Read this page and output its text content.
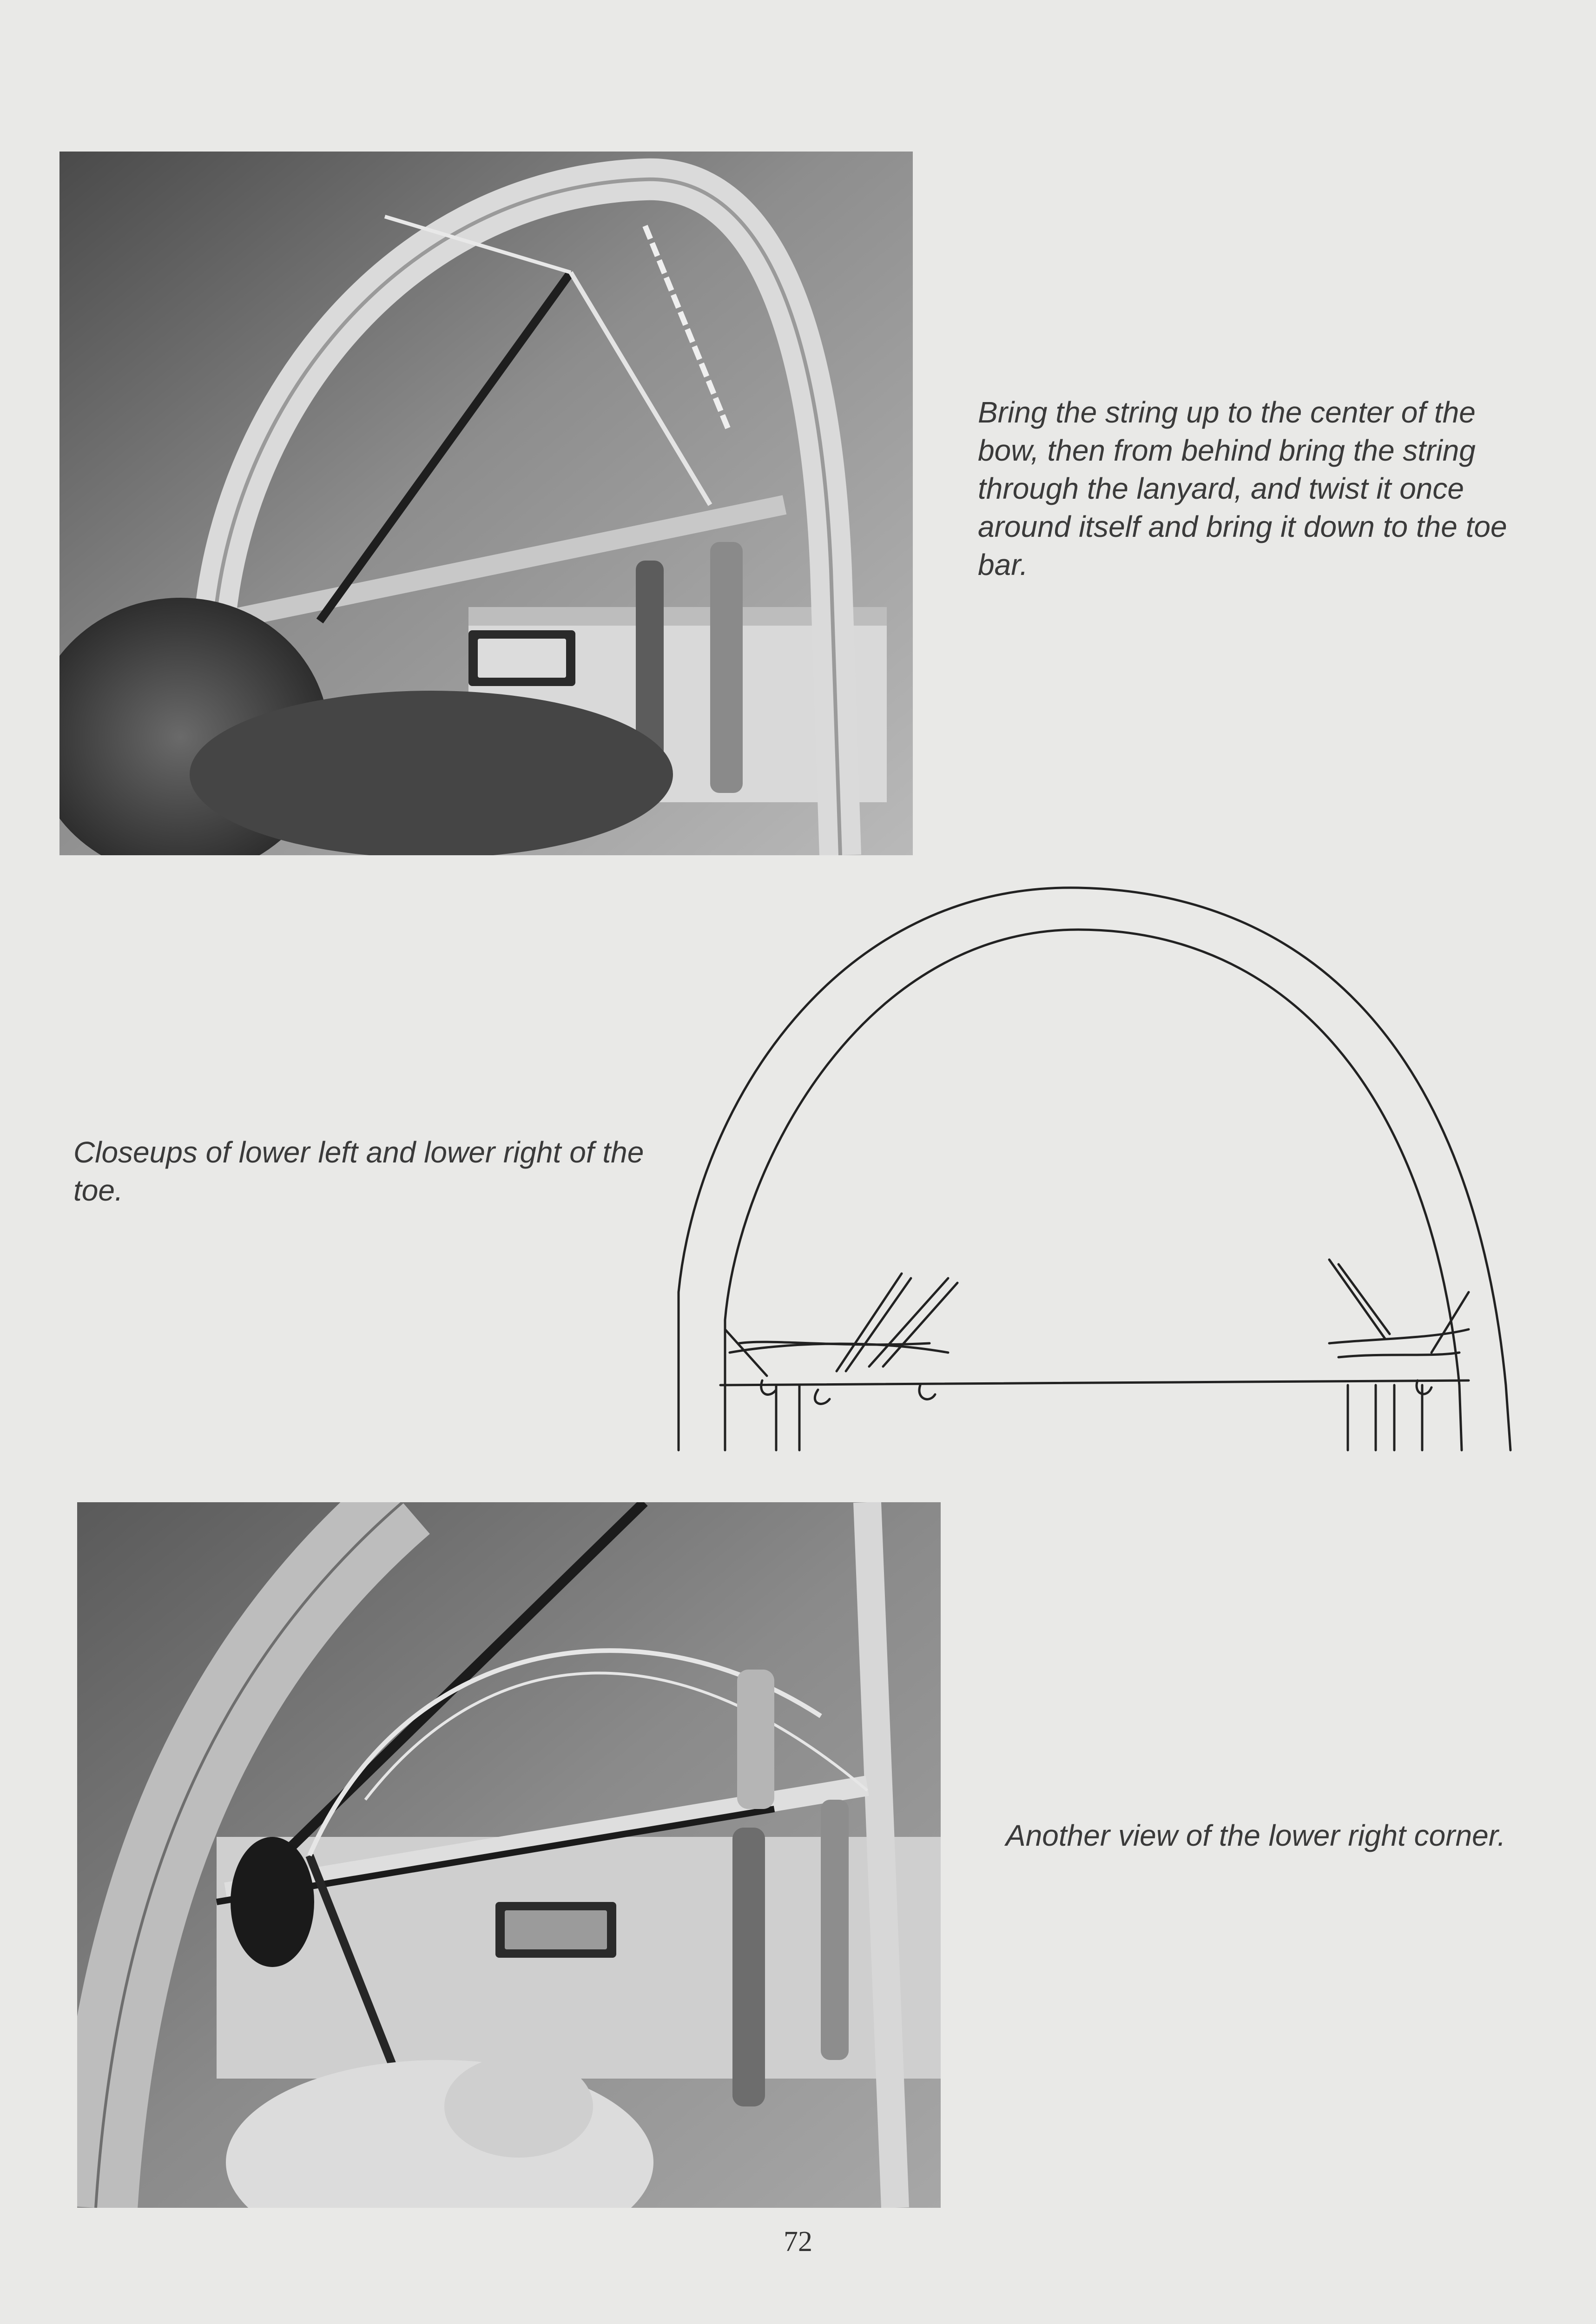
Bring the string up to the center of the bow, then from behind bring the string through the lanyard, and twist it once around itself and bring it down to the toe bar.

Closeups of lower left and lower right of the toe.

Another view of the lower right corner.

72
